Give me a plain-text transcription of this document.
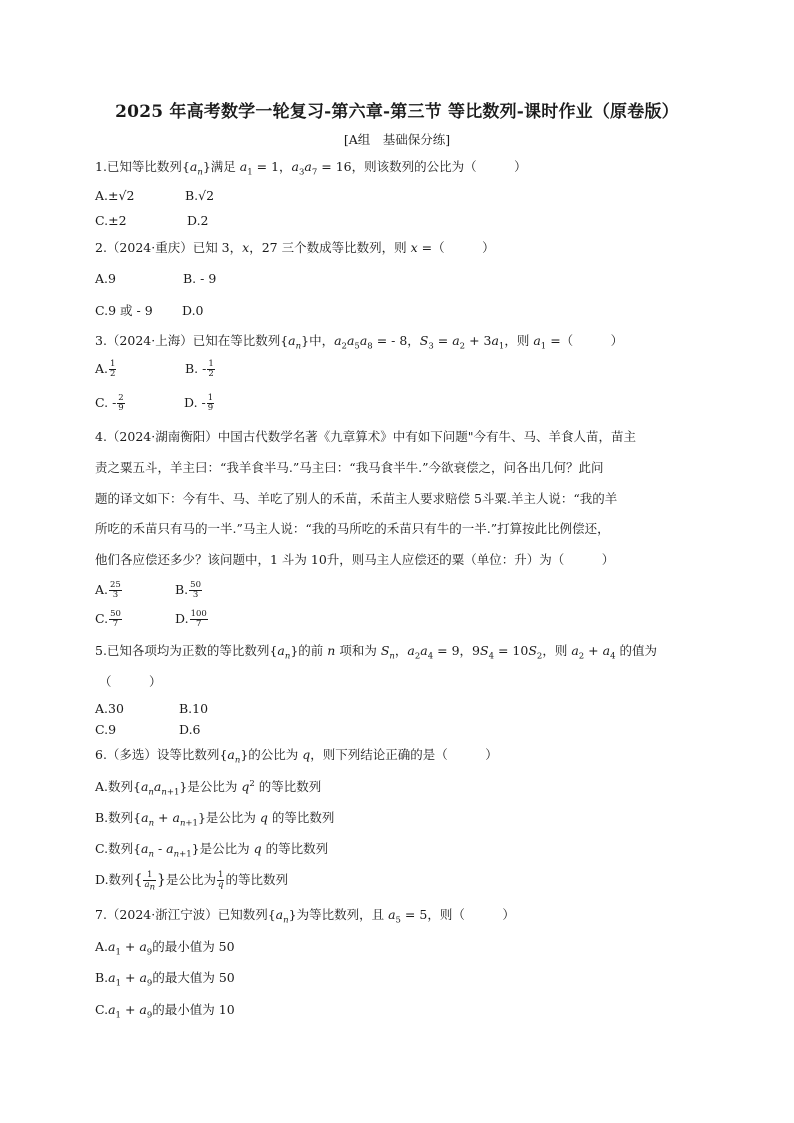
2025 年高考数学一轮复习-第六章-第三节 等比数列-课时作业（原卷版）
[A组　基础保分练]
1.已知等比数列$\{a_n\}$满足 $a_1 = 1$，$a_3a_7 = 16$，则该数列的公比为（　　　）
A.±√2	B.√2
C.±2	D.2
2.（2024·重庆）已知 3，x，27 三个数成等比数列，则 x =（　　　）
A.9	B. - 9
C.9 或 - 9 D.0
3.（2024·上海）已知在等比数列$\{a_n\}$中，$a_2a_5a_8$ = - 8，$S_3 = a_2 + 3a_1$，则 $a_1$ =（　　　）
A. $\frac{1}{2}$	B. - $\frac{1}{2}$
C. - $\frac{2}{9}$	D. - $\frac{1}{9}$
4.（2024·湖南衡阳）中国古代数学名著《九章算术》中有如下问题"今有牛、马、羊食人苗，苗主
责之粟五斗，羊主曰：“我羊食半马.”马主曰：“我马食半牛.”今欲衰偿之，问各出几何？此问
题的译文如下：今有牛、马、羊吃了别人的禾苗，禾苗主人要求赔偿 5斗粟.羊主人说：“我的羊
所吃的禾苗只有马的一半.”马主人说：“我的马所吃的禾苗只有牛的一半.”打算按此比例偿还，
他们各应偿还多少？该问题中，1 斗为 10升，则马主人应偿还的粟（单位：升）为（　　　）
A. $\frac{25}{3}$	B. $\frac{50}{3}$
C. $\frac{50}{7}$	D. $\frac{100}{7}$
5.已知各项均为正数的等比数列$\{a_n\}$的前 n 项和为 $S_n$，$a_2a_4 = 9$，$9S_4 = 10S_2$，则 $a_2 + a_4$ 的值为
（　　　）
A.30	B.10
C.9	D.6
6.（多选）设等比数列$\{a_n\}$的公比为 q，则下列结论正确的是（　　　）
A.数列$\{a_na_{n+1}\}$是公比为 $q^2$ 的等比数列
B.数列$\{a_n + a_{n+1}\}$是公比为 q 的等比数列
C.数列$\{a_n - a_{n+1}\}$是公比为 q 的等比数列
D.数列{ $\frac{1}{a_n}$ }是公比为 $\frac{1}{q}$ 的等比数列
7.（2024·浙江宁波）已知数列$\{a_n\}$为等比数列，且 $a_5 = 5$，则（　　　）
$A.a_1 + a_9$的最小值为 50
$B.a_1 + a_9$的最大值为 50
$C.a_1 + a_9$的最小值为 10
